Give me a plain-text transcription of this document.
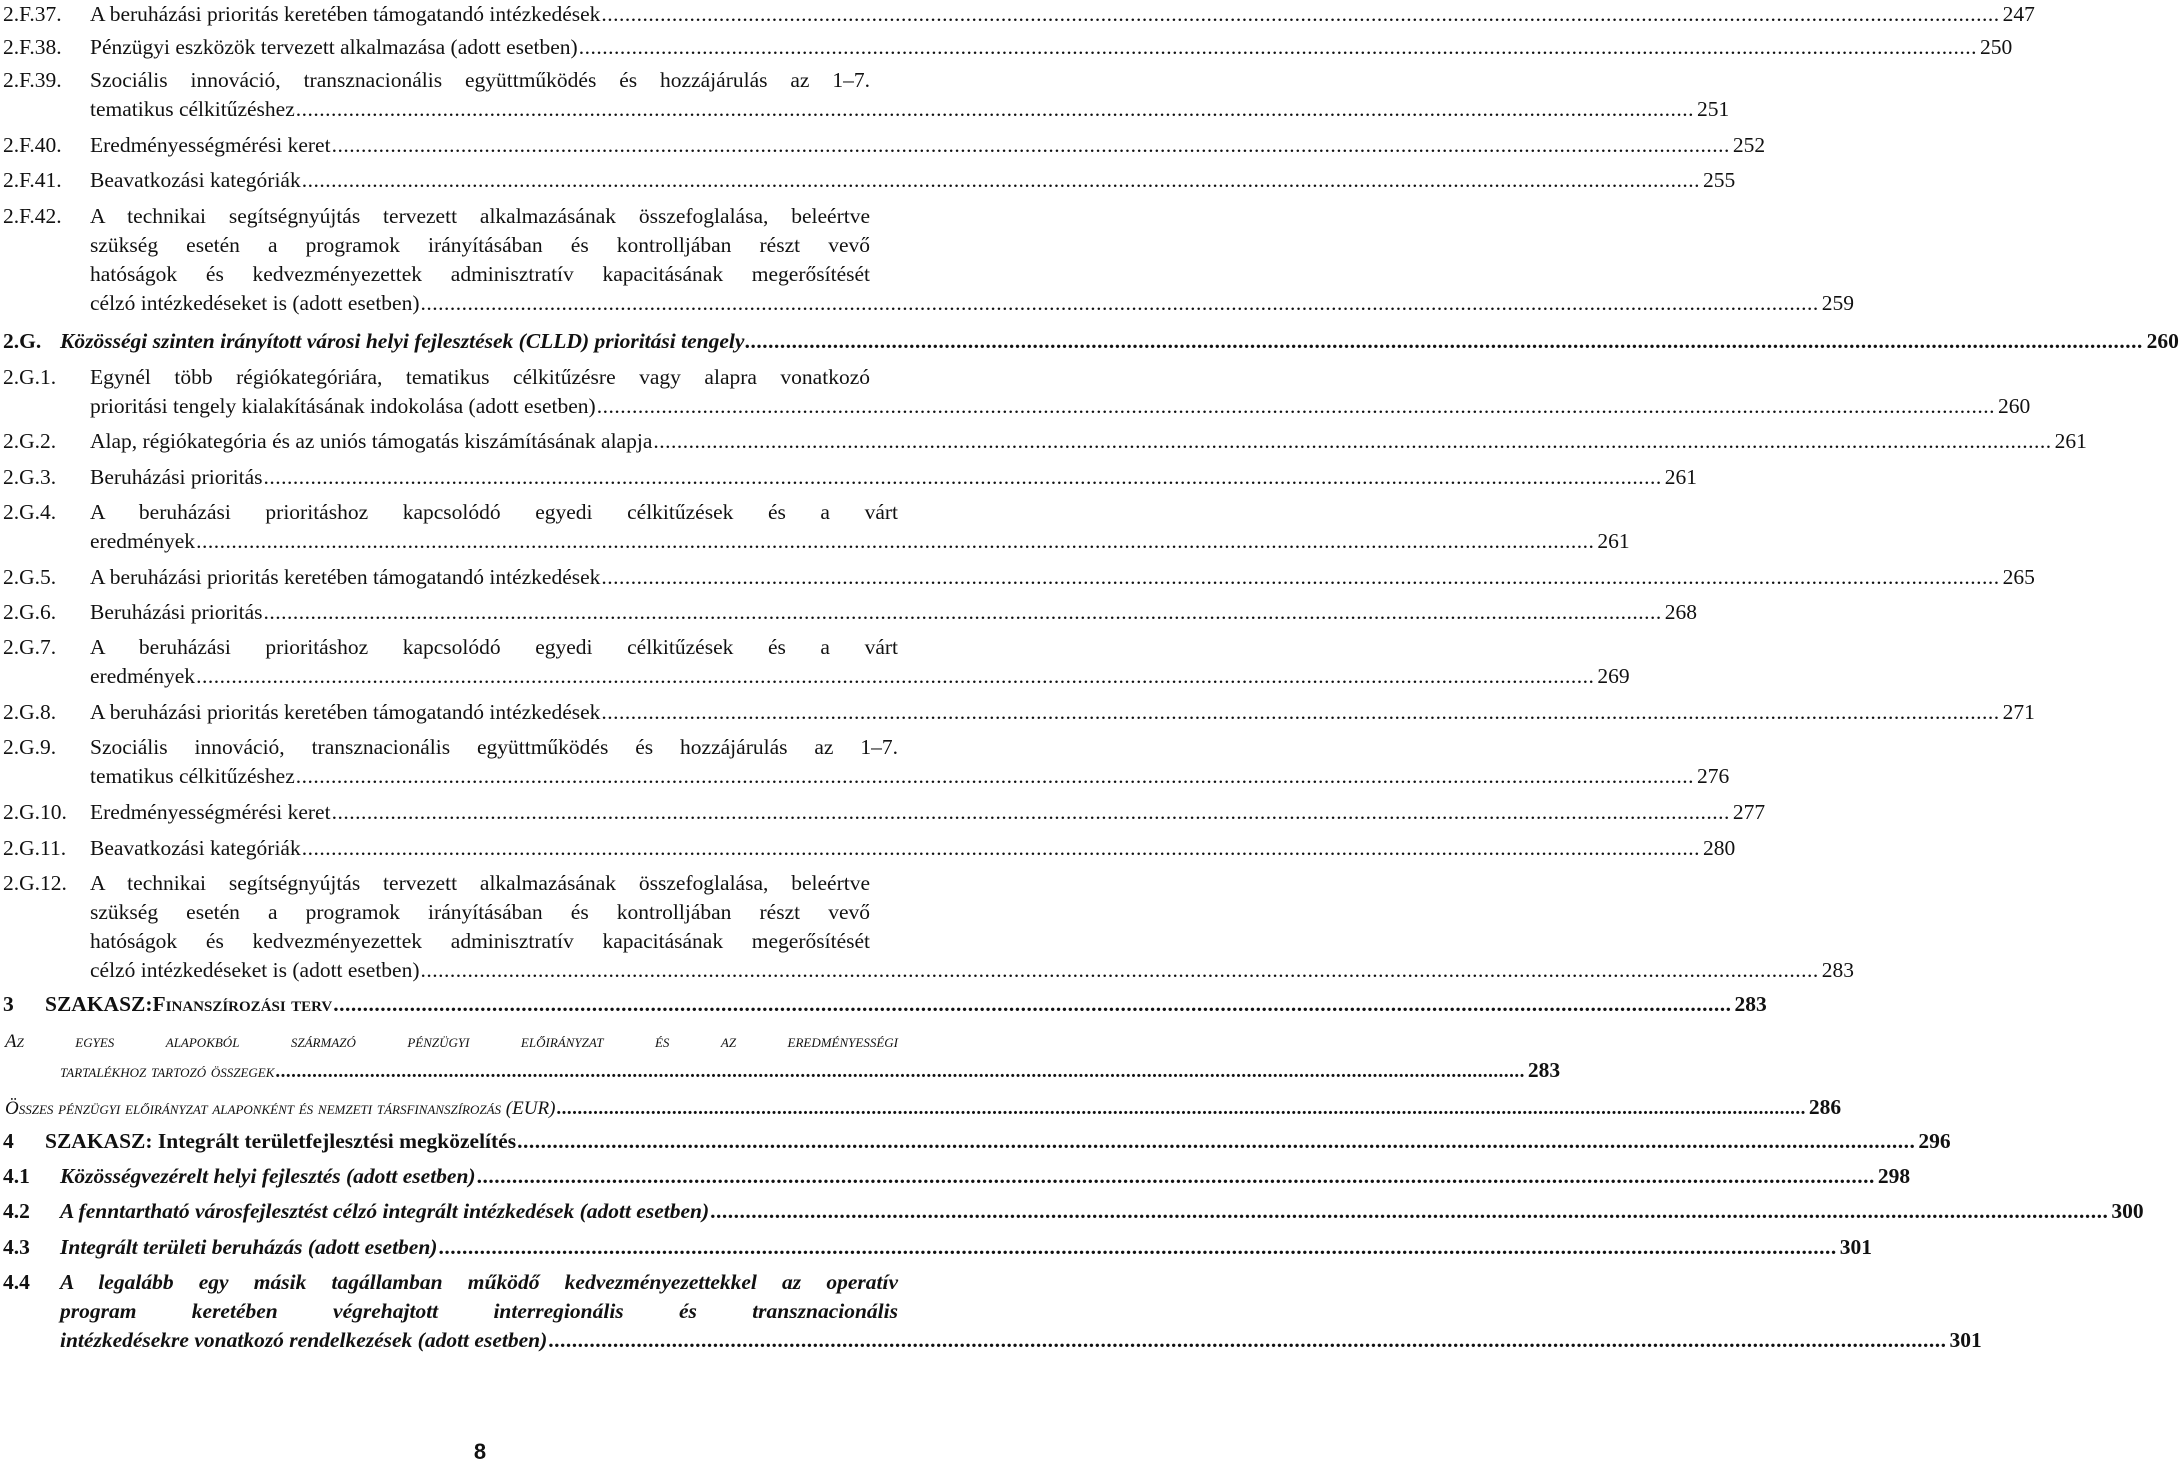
2.F.37. A beruházási prioritás keretében támogatandó intézkedések .............................................................................................................................................................................................................................................. 247
2.F.38. Pénzügyi eszközök tervezett alkalmazása (adott esetben) .............................................................................................................................................................................................................................................. 250
2.F.39. Szociális innováció, transznacionális együttműködés és hozzájárulás az 1–7.
tematikus célkitűzéshez .............................................................................................................................................................................................................................................. 251
2.F.40. Eredményességmérési keret .............................................................................................................................................................................................................................................. 252
2.F.41. Beavatkozási kategóriák .............................................................................................................................................................................................................................................. 255
2.F.42. A technikai segítségnyújtás tervezett alkalmazásának összefoglalása, beleértve
szükség esetén a programok irányításában és kontrolljában részt vevő
hatóságok és kedvezményezettek adminisztratív kapacitásának megerősítését
célzó intézkedéseket is (adott esetben) .............................................................................................................................................................................................................................................. 259
2.G. Közösségi szinten irányított városi helyi fejlesztések (CLLD) prioritási tengely .............................................................................................................................................................................................................................................. 260
2.G.1. Egynél több régiókategóriára, tematikus célkitűzésre vagy alapra vonatkozó
prioritási tengely kialakításának indokolása (adott esetben) .............................................................................................................................................................................................................................................. 260
2.G.2. Alap, régiókategória és az uniós támogatás kiszámításának alapja .............................................................................................................................................................................................................................................. 261
2.G.3. Beruházási prioritás .............................................................................................................................................................................................................................................. 261
2.G.4. A beruházási prioritáshoz kapcsolódó egyedi célkitűzések és a várt
eredmények .............................................................................................................................................................................................................................................. 261
2.G.5. A beruházási prioritás keretében támogatandó intézkedések .............................................................................................................................................................................................................................................. 265
2.G.6. Beruházási prioritás .............................................................................................................................................................................................................................................. 268
2.G.7. A beruházási prioritáshoz kapcsolódó egyedi célkitűzések és a várt
eredmények .............................................................................................................................................................................................................................................. 269
2.G.8. A beruházási prioritás keretében támogatandó intézkedések .............................................................................................................................................................................................................................................. 271
2.G.9. Szociális innováció, transznacionális együttműködés és hozzájárulás az 1–7.
tematikus célkitűzéshez .............................................................................................................................................................................................................................................. 276
2.G.10. Eredményességmérési keret .............................................................................................................................................................................................................................................. 277
2.G.11. Beavatkozási kategóriák .............................................................................................................................................................................................................................................. 280
2.G.12. A technikai segítségnyújtás tervezett alkalmazásának összefoglalása, beleértve
szükség esetén a programok irányításában és kontrolljában részt vevő
hatóságok és kedvezményezettek adminisztratív kapacitásának megerősítését
célzó intézkedéseket is (adott esetben) .............................................................................................................................................................................................................................................. 283
3 SZAKASZ:Finanszírozási terv .............................................................................................................................................................................................................................................. 283
Az egyes alapokból származó pénzügyi előirányzat és az eredményességi
tartalékhoz tartozó összegek .............................................................................................................................................................................................................................................. 283
Összes pénzügyi előirányzat alaponként és nemzeti társfinanszírozás (EUR) .............................................................................................................................................................................................................................................. 286
4 SZAKASZ: Integrált területfejlesztési megközelítés .............................................................................................................................................................................................................................................. 296
4.1 Közösségvezérelt helyi fejlesztés (adott esetben) .............................................................................................................................................................................................................................................. 298
4.2 A fenntartható városfejlesztést célzó integrált intézkedések (adott esetben) .............................................................................................................................................................................................................................................. 300
4.3 Integrált területi beruházás (adott esetben) .............................................................................................................................................................................................................................................. 301
4.4 A legalább egy másik tagállamban működő kedvezményezettekkel az operatív
program keretében végrehajtott interregionális és transznacionális
intézkedésekre vonatkozó rendelkezések (adott esetben) .............................................................................................................................................................................................................................................. 301
8
